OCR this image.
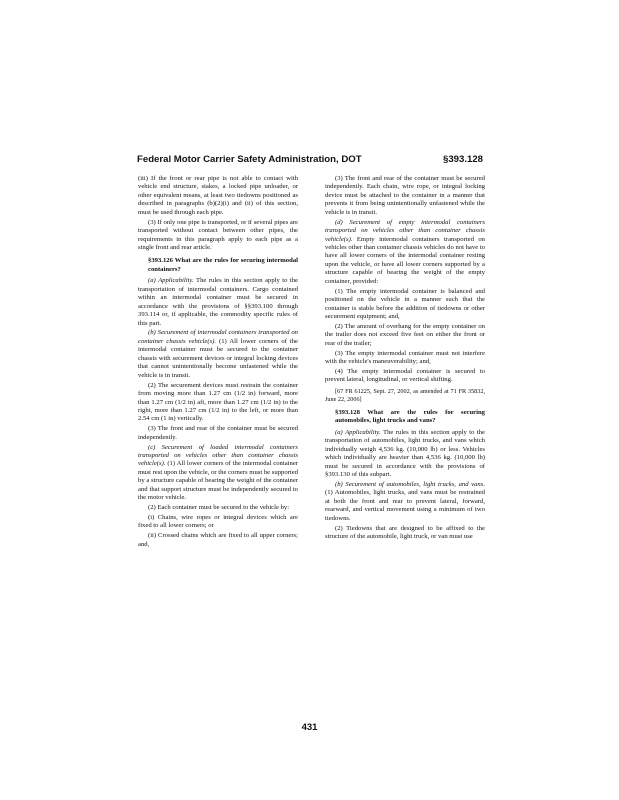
Federal Motor Carrier Safety Administration, DOT	§393.128

(iii) If the front or rear pipe is not able to contact with vehicle end structure, stakes, a locked pipe unloader, or other equivalent means, at least two tiedowns positioned as described in paragraphs (b)(2)(i) and (ii) of this section, must be used through each pipe.

(3) If only one pipe is transported, or if several pipes are transported without contact between other pipes, the requirements in this paragraph apply to each pipe as a single front and rear article.

§393.126 What are the rules for securing intermodal containers?

(a) Applicability. The rules in this section apply to the transportation of intermodal containers. Cargo contained within an intermodal container must be secured in accordance with the provisions of §§393.100 through 393.114 or, if applicable, the commodity specific rules of this part.

(b) Securement of intermodal containers transported on container chassis vehicle(s). (1) All lower corners of the intermodal container must be secured to the container chassis with securement devices or integral locking devices that cannot unintentionally become unfastened while the vehicle is in transit.

(2) The securement devices must restrain the container from moving more than 1.27 cm (1/2 in) forward, more than 1.27 cm (1/2 in) aft, more than 1.27 cm (1/2 in) to the right, more than 1.27 cm (1/2 in) to the left, or more than 2.54 cm (1 in) vertically.

(3) The front and rear of the container must be secured independently.

(c) Securement of loaded intermodal containers transported on vehicles other than container chassis vehicle(s). (1) All lower corners of the intermodal container must rest upon the vehicle, or the corners must be supported by a structure capable of bearing the weight of the container and that support structure must be independently secured to the motor vehicle.

(2) Each container must be secured to the vehicle by:

(i) Chains, wire ropes or integral devices which are fixed to all lower corners; or

(ii) Crossed chains which are fixed to all upper corners; and,

(3) The front and rear of the container must be secured independently. Each chain, wire rope, or integral locking device must be attached to the container in a manner that prevents it from being unintentionally unfastened while the vehicle is in transit.

(d) Securement of empty intermodal containers transported on vehicles other than container chassis vehicle(s). Empty intermodal containers transported on vehicles other than container chassis vehicles do not have to have all lower corners of the intermodal container resting upon the vehicle, or have all lower corners supported by a structure capable of bearing the weight of the empty container, provided:

(1) The empty intermodal container is balanced and positioned on the vehicle in a manner such that the container is stable before the addition of tiedowns or other securement equipment; and,

(2) The amount of overhang for the empty container on the trailer does not exceed five feet on either the front or rear of the trailer;

(3) The empty intermodal container must not interfere with the vehicle's maneuverability; and,

(4) The empty intermodal container is secured to prevent lateral, longitudinal, or vertical shifting.

[67 FR 61225, Sept. 27, 2002, as amended at 71 FR 35832, June 22, 2006]

§393.128 What are the rules for securing automobiles, light trucks and vans?

(a) Applicability. The rules in this section apply to the transportation of automobiles, light trucks, and vans which individually weigh 4,536 kg. (10,000 lb) or less. Vehicles which individually are heavier than 4,536 kg. (10,000 lb) must be secured in accordance with the provisions of §393.130 of this subpart.

(b) Securement of automobiles, light trucks, and vans. (1) Automobiles, light trucks, and vans must be restrained at both the front and rear to prevent lateral, forward, rearward, and vertical movement using a minimum of two tiedowns.

(2) Tiedowns that are designed to be affixed to the structure of the automobile, light truck, or van must use

431
